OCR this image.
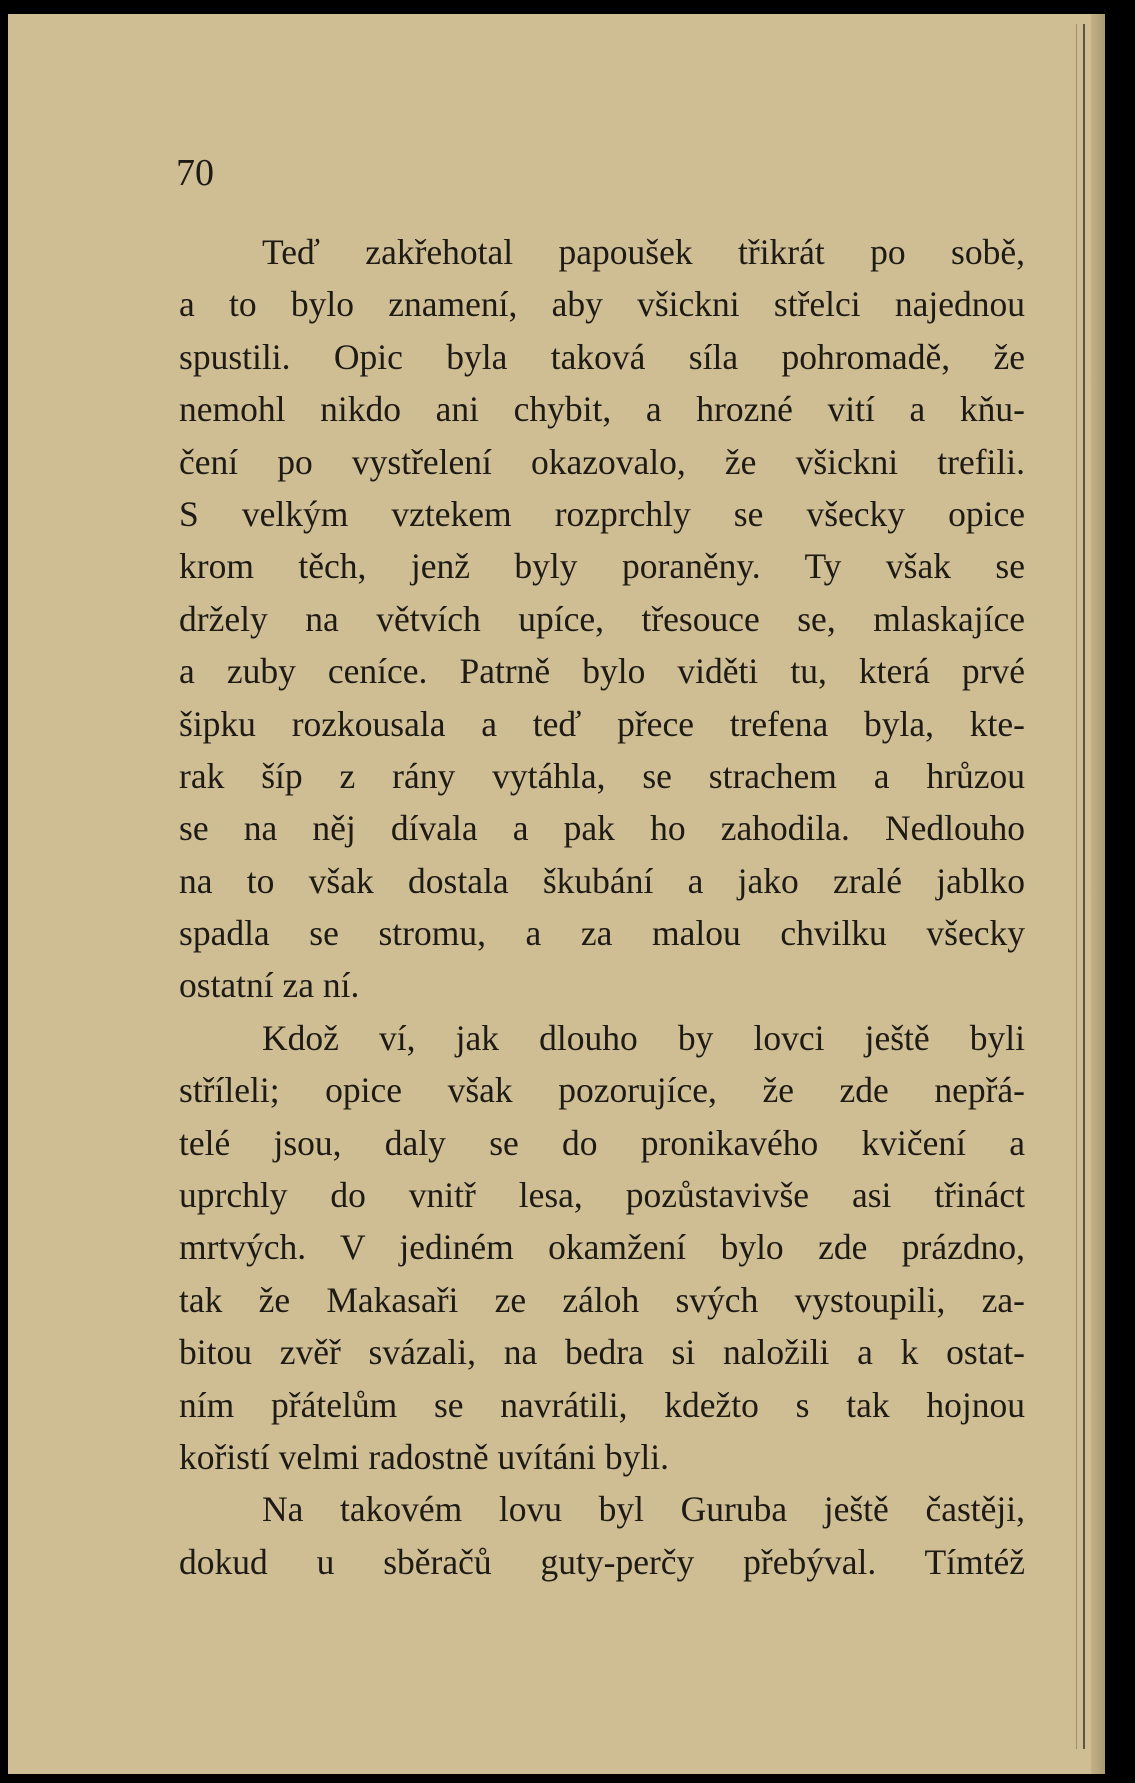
70
Teď zakřehotal papoušek třikrát po sobě,
a to bylo znamení, aby všickni střelci najednou
spustili. Opic byla taková síla pohromadě, že
nemohl nikdo ani chybit, a hrozné vití a kňu-
čení po vystřelení okazovalo, že všickni trefili.
S velkým vztekem rozprchly se všecky opice
krom těch, jenž byly poraněny. Ty však se
držely na větvích upíce, třesouce se, mlaskajíce
a zuby ceníce. Patrně bylo viděti tu, která prvé
šipku rozkousala a teď přece trefena byla, kte-
rak šíp z rány vytáhla, se strachem a hrůzou
se na něj dívala a pak ho zahodila. Nedlouho
na to však dostala škubání a jako zralé jablko
spadla se stromu, a za malou chvilku všecky
ostatní za ní.
Kdož ví, jak dlouho by lovci ještě byli
stříleli; opice však pozorujíce, že zde nepřá-
telé jsou, daly se do pronikavého kvičení a
uprchly do vnitř lesa, pozůstavivše asi třináct
mrtvých. V jediném okamžení bylo zde prázdno,
tak že Makasaři ze záloh svých vystoupili, za-
bitou zvěř svázali, na bedra si naložili a k ostat-
ním přátelům se navrátili, kdežto s tak hojnou
kořistí velmi radostně uvítáni byli.
Na takovém lovu byl Guruba ještě častěji,
dokud u sběračů guty-perčy přebýval. Tímtéž
